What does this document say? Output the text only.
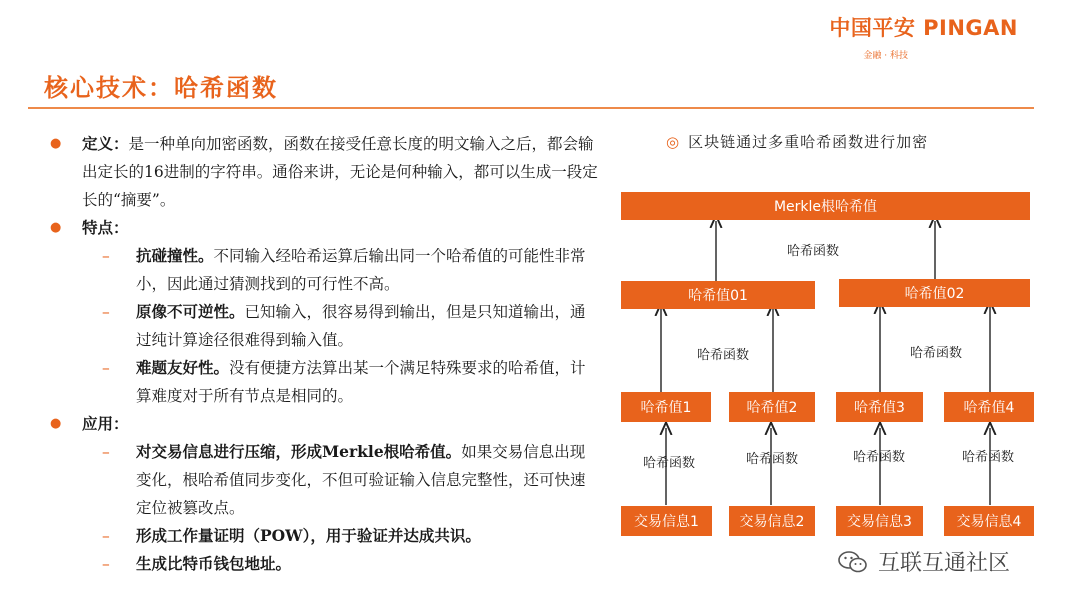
中国平安 PINGAN
金融 · 科技
核心技术：哈希函数
● 定义：是一种单向加密函数，函数在接受任意长度的明文输入之后，都会输出定长的16进制的字符串。通俗来讲，无论是何种输入，都可以生成一段定长的“摘要”。
● 特点：
– 抗碰撞性。不同输入经哈希运算后输出同一个哈希值的可能性非常小，因此通过猜测找到的可行性不高。
– 原像不可逆性。已知输入，很容易得到输出，但是只知道输出，通过纯计算途径很难得到输入值。
– 难题友好性。没有便捷方法算出某一个满足特殊要求的哈希值，计算难度对于所有节点是相同的。
● 应用：
– 对交易信息进行压缩，形成Merkle根哈希值。如果交易信息出现变化，根哈希值同步变化，不但可验证输入信息完整性，还可快速定位被篡改点。
– 形成工作量证明（POW），用于验证并达成共识。
– 生成比特币钱包地址。
◎ 区块链通过多重哈希函数进行加密
Merkle根哈希值
哈希值01	哈希值02
哈希值1	哈希值2	哈希值3	哈希值4
交易信息1	交易信息2	交易信息3	交易信息4
哈希函数
哈希函数	哈希函数
哈希函数	哈希函数	哈希函数	哈希函数
互联互通社区
